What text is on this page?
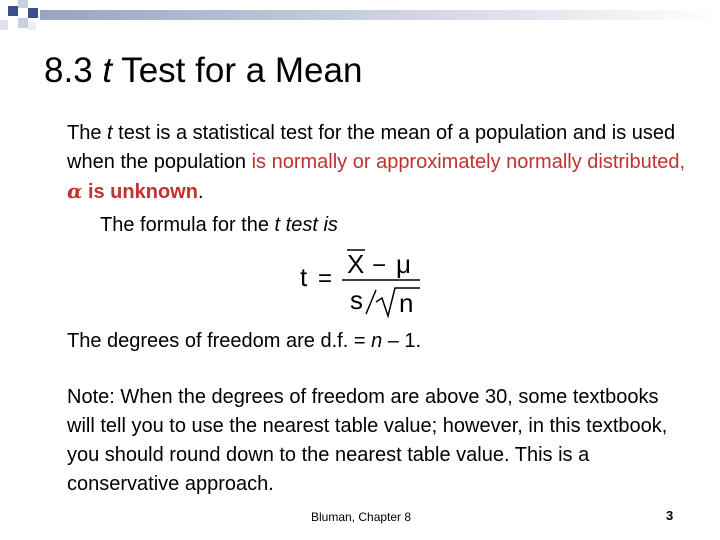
8.3 t Test for a Mean

The t test is a statistical test for the mean of a population and is used when the population is normally or approximately normally distributed, α is unknown.

The formula for the t test is

t = X − μ
s n

The degrees of freedom are d.f. = n – 1.

Note: When the degrees of freedom are above 30, some textbooks will tell you to use the nearest table value; however, in this textbook, you should round down to the nearest table value. This is a conservative approach.

Bluman, Chapter 8	3
